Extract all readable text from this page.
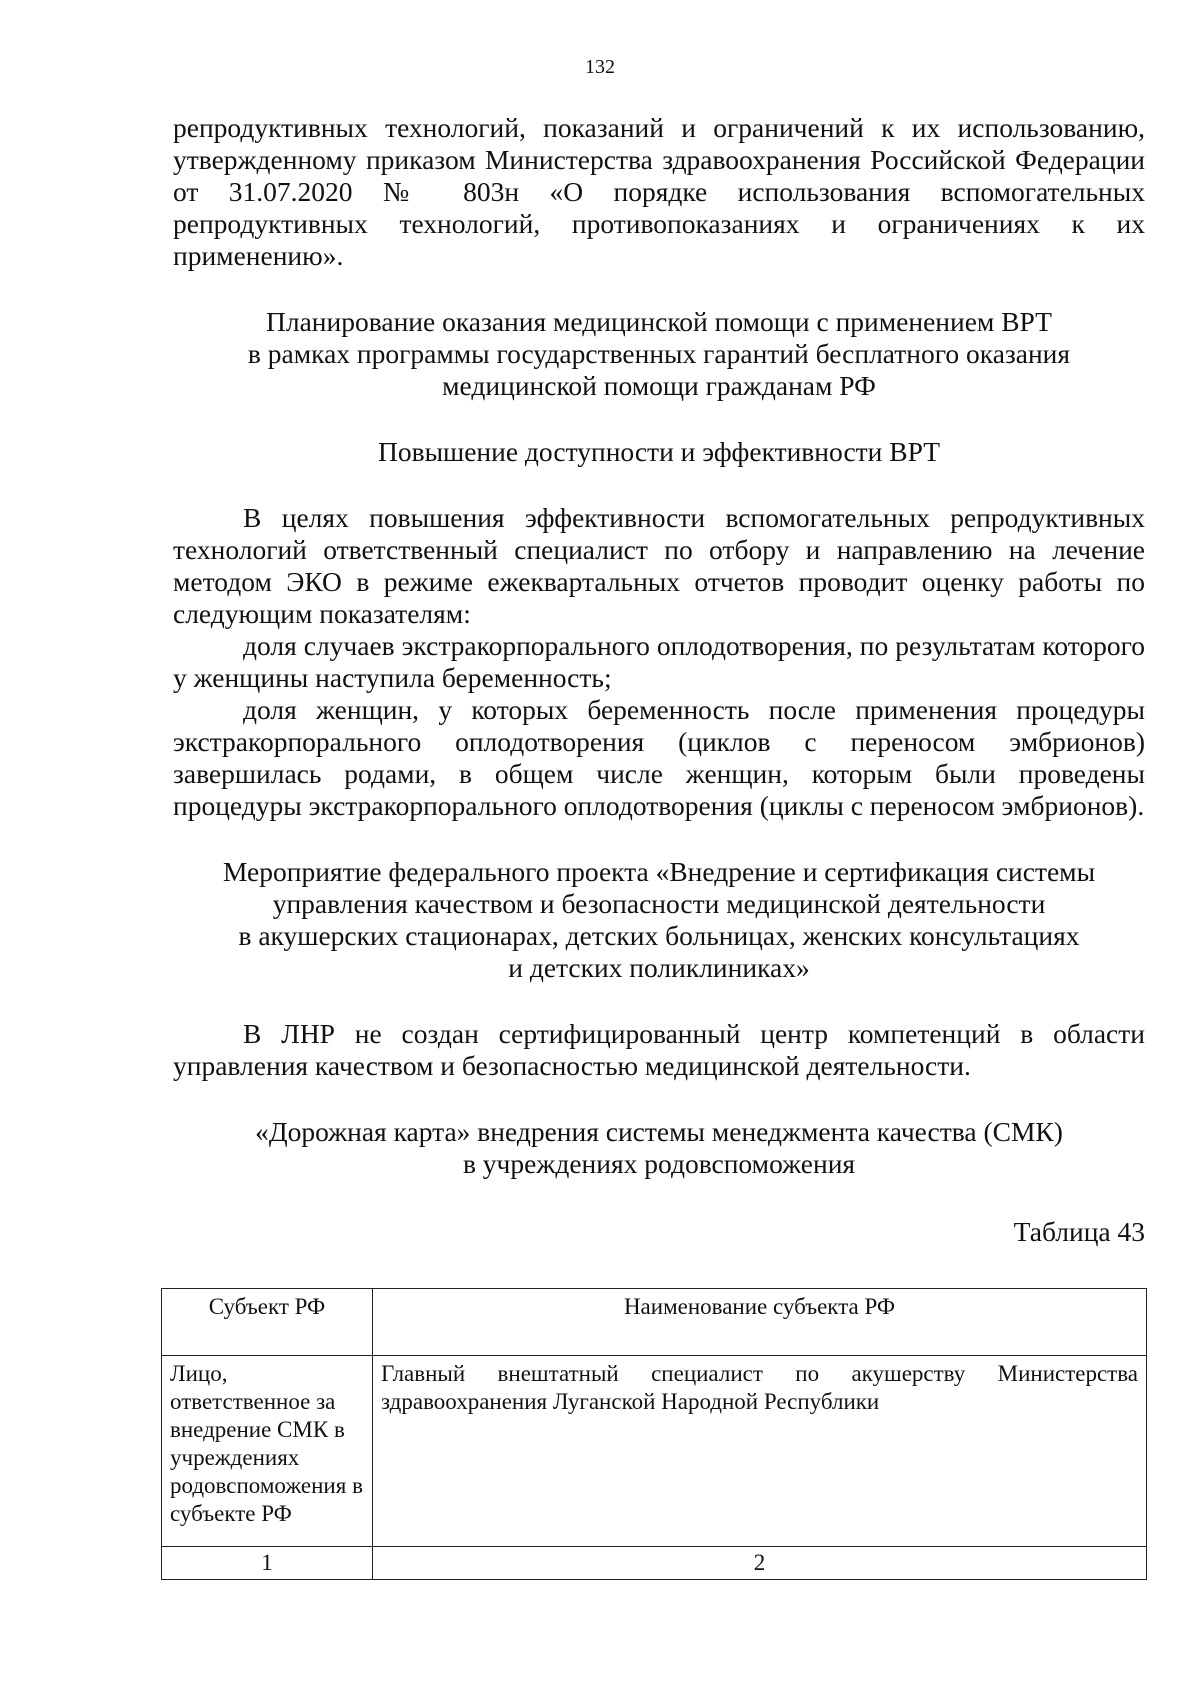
132

репродуктивных технологий, показаний и ограничений к их использованию, утвержденному приказом Министерства здравоохранения Российской Федерации от 31.07.2020 № 803н «О порядке использования вспомогательных репродуктивных технологий, противопоказаниях и ограничениях к их применению».

Планирование оказания медицинской помощи с применением ВРТ
в рамках программы государственных гарантий бесплатного оказания
медицинской помощи гражданам РФ
Повышение доступности и эффективности ВРТ

В целях повышения эффективности вспомогательных репродуктивных технологий ответственный специалист по отбору и направлению на лечение методом ЭКО в режиме ежеквартальных отчетов проводит оценку работы по следующим показателям:

доля случаев экстракорпорального оплодотворения, по результатам которого у женщины наступила беременность;

доля женщин, у которых беременность после применения процедуры экстракорпорального оплодотворения (циклов с переносом эмбрионов) завершилась родами, в общем числе женщин, которым были проведены процедуры экстракорпорального оплодотворения (циклы с переносом эмбрионов).

Мероприятие федерального проекта «Внедрение и сертификация системы
управления качеством и безопасности медицинской деятельности
в акушерских стационарах, детских больницах, женских консультациях
и детских поликлиниках»

В ЛНР не создан сертифицированный центр компетенций в области управления качеством и безопасностью медицинской деятельности.

«Дорожная карта» внедрения системы менеджмента качества (СМК)
в учреждениях родовспоможения

Таблица 43

Субъект РФ	Наименование субъекта РФ
Лицо, ответственное за внедрение СМК в учреждениях родовспоможения в субъекте РФ	Главный внештатный специалист по акушерству Министерства здравоохранения Луганской Народной Республики
1	2
